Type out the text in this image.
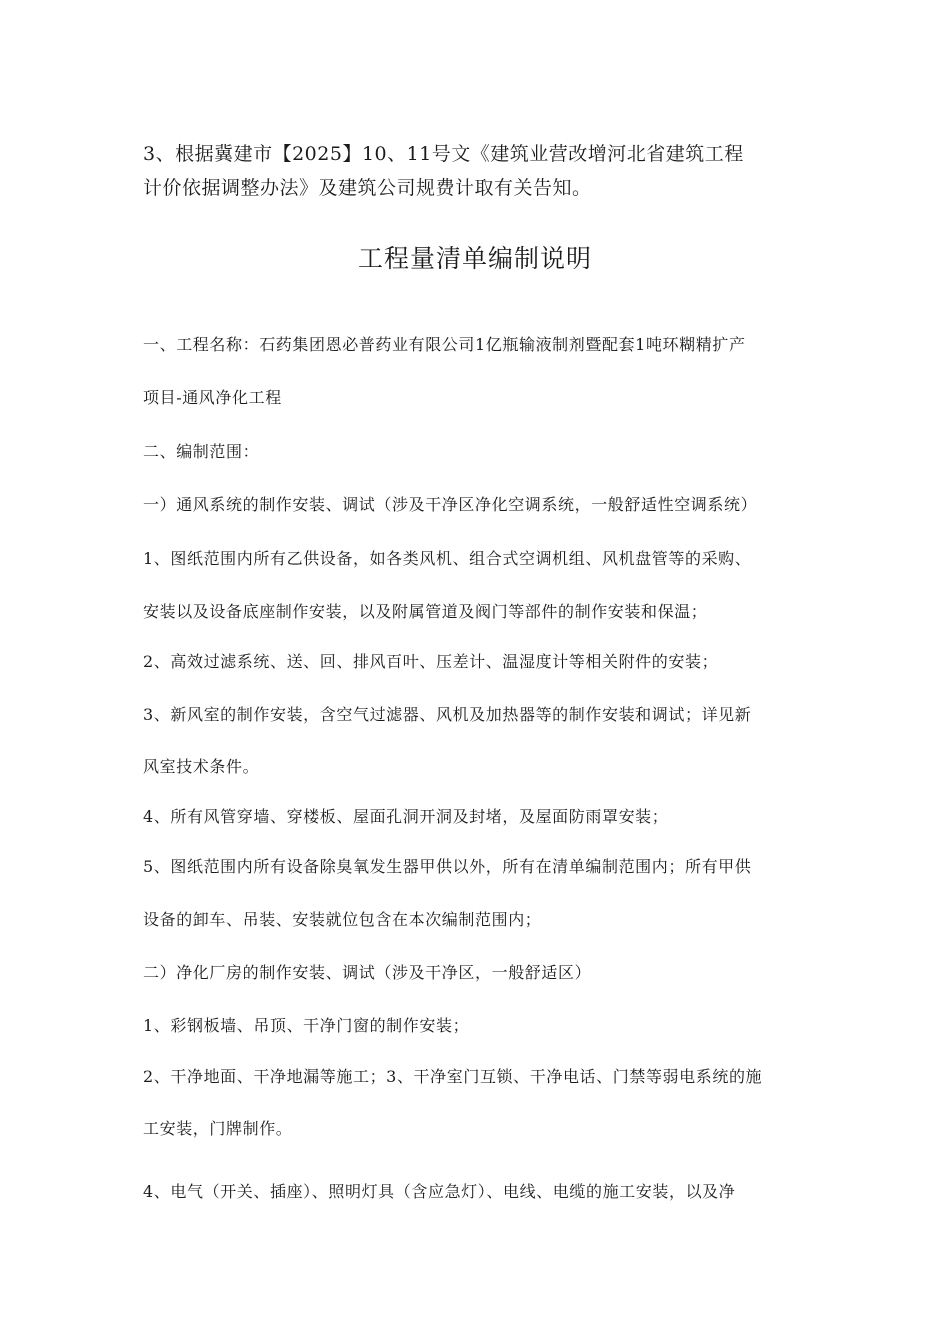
3、根据冀建市【2025】10、11号文《建筑业营改增河北省建筑工程
计价依据调整办法》及建筑公司规费计取有关告知。
工程量清单编制说明
一、工程名称：石药集团恩必普药业有限公司1亿瓶输液制剂暨配套1吨环糊精扩产
项目-通风净化工程
二、编制范围：
一）通风系统的制作安装、调试（涉及干净区净化空调系统，一般舒适性空调系统）
1、图纸范围内所有乙供设备，如各类风机、组合式空调机组、风机盘管等的采购、
安装以及设备底座制作安装，以及附属管道及阀门等部件的制作安装和保温；
2、高效过滤系统、送、回、排风百叶、压差计、温湿度计等相关附件的安装；
3、新风室的制作安装，含空气过滤器、风机及加热器等的制作安装和调试；详见新
风室技术条件。
4、所有风管穿墙、穿楼板、屋面孔洞开洞及封堵，及屋面防雨罩安装；
5、图纸范围内所有设备除臭氧发生器甲供以外，所有在清单编制范围内；所有甲供
设备的卸车、吊装、安装就位包含在本次编制范围内；
二）净化厂房的制作安装、调试（涉及干净区，一般舒适区）
1、彩钢板墙、吊顶、干净门窗的制作安装；
2、干净地面、干净地漏等施工；3、干净室门互锁、干净电话、门禁等弱电系统的施
工安装，门牌制作。
4、电气（开关、插座）、照明灯具（含应急灯）、电线、电缆的施工安装，以及净
